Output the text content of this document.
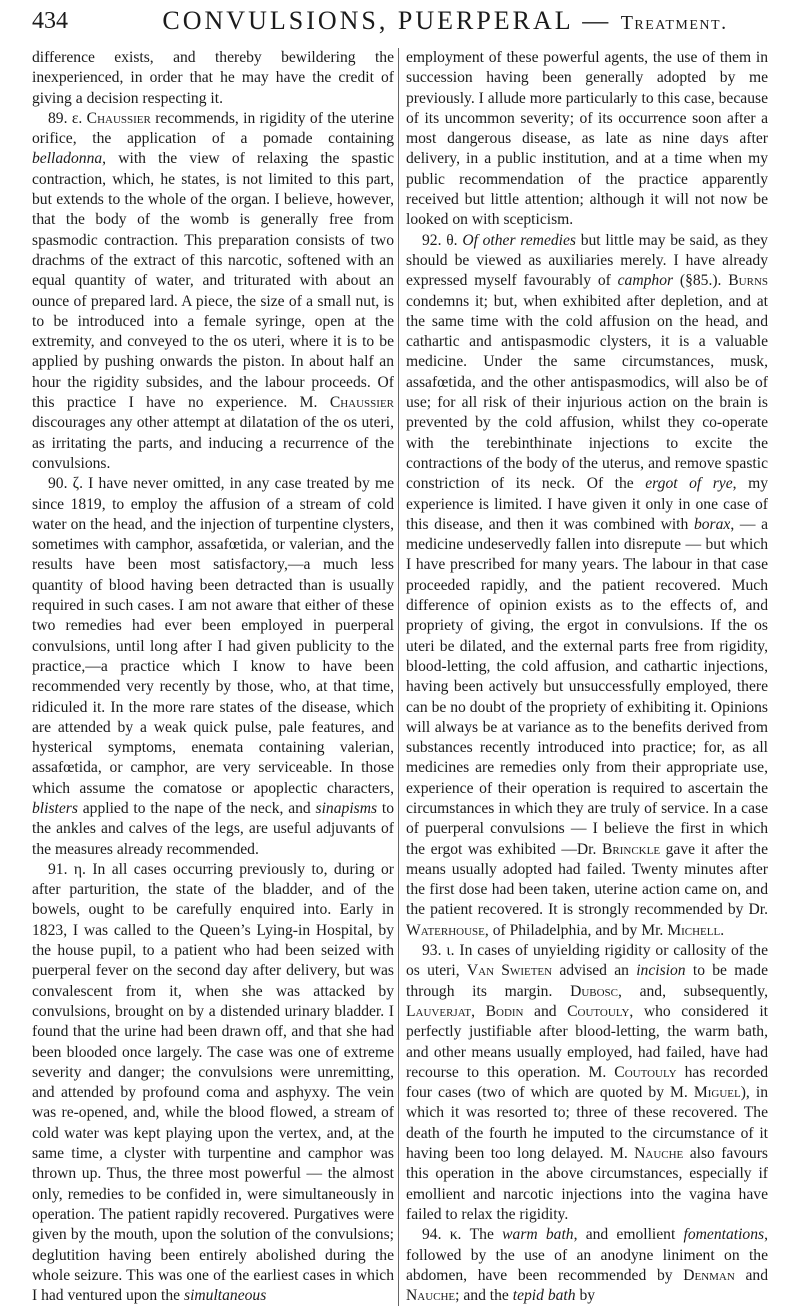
434	CONVULSIONS, PUERPERAL — Treatment.

difference exists, and thereby bewildering the inexperienced, in order that he may have the credit of giving a decision respecting it.

89. ε. Chaussier recommends, in rigidity of the uterine orifice, the application of a pomade containing belladonna, with the view of relaxing the spastic contraction, which, he states, is not limited to this part, but extends to the whole of the organ. I believe, however, that the body of the womb is generally free from spasmodic contraction. This preparation consists of two drachms of the extract of this narcotic, softened with an equal quantity of water, and triturated with about an ounce of prepared lard. A piece, the size of a small nut, is to be introduced into a female syringe, open at the extremity, and conveyed to the os uteri, where it is to be applied by pushing onwards the piston. In about half an hour the rigidity subsides, and the labour proceeds. Of this practice I have no experience. M. Chaussier discourages any other attempt at dilatation of the os uteri, as irritating the parts, and inducing a recurrence of the convulsions.

90. ζ. I have never omitted, in any case treated by me since 1819, to employ the affusion of a stream of cold water on the head, and the injection of turpentine clysters, sometimes with camphor, assafœtida, or valerian, and the results have been most satisfactory,—a much less quantity of blood having been detracted than is usually required in such cases. I am not aware that either of these two remedies had ever been employed in puerperal convulsions, until long after I had given publicity to the practice,—a practice which I know to have been recommended very recently by those, who, at that time, ridiculed it. In the more rare states of the disease, which are attended by a weak quick pulse, pale features, and hysterical symptoms, enemata containing valerian, assafœtida, or camphor, are very serviceable. In those which assume the comatose or apoplectic characters, blisters applied to the nape of the neck, and sinapisms to the ankles and calves of the legs, are useful adjuvants of the measures already recommended.

91. η. In all cases occurring previously to, during or after parturition, the state of the bladder, and of the bowels, ought to be carefully enquired into. Early in 1823, I was called to the Queen’s Lying-in Hospital, by the house pupil, to a patient who had been seized with puerperal fever on the second day after delivery, but was convalescent from it, when she was attacked by convulsions, brought on by a distended urinary bladder. I found that the urine had been drawn off, and that she had been blooded once largely. The case was one of extreme severity and danger; the convulsions were unremitting, and attended by profound coma and asphyxy. The vein was re-opened, and, while the blood flowed, a stream of cold water was kept playing upon the vertex, and, at the same time, a clyster with turpentine and camphor was thrown up. Thus, the three most powerful — the almost only, remedies to be confided in, were simultaneously in operation. The patient rapidly recovered. Purgatives were given by the mouth, upon the solution of the convulsions; deglutition having been entirely abolished during the whole seizure. This was one of the earliest cases in which I had ventured upon the simultaneous

employment of these powerful agents, the use of them in succession having been generally adopted by me previously. I allude more particularly to this case, because of its uncommon severity; of its occurrence soon after a most dangerous disease, as late as nine days after delivery, in a public institution, and at a time when my public recommendation of the practice apparently received but little attention; although it will not now be looked on with scepticism.

92. θ. Of other remedies but little may be said, as they should be viewed as auxiliaries merely. I have already expressed myself favourably of camphor (§85.). Burns condemns it; but, when exhibited after depletion, and at the same time with the cold affusion on the head, and cathartic and antispasmodic clysters, it is a valuable medicine. Under the same circumstances, musk, assafœtida, and the other antispasmodics, will also be of use; for all risk of their injurious action on the brain is prevented by the cold affusion, whilst they co-operate with the terebinthinate injections to excite the contractions of the body of the uterus, and remove spastic constriction of its neck. Of the ergot of rye, my experience is limited. I have given it only in one case of this disease, and then it was combined with borax, — a medicine undeservedly fallen into disrepute — but which I have prescribed for many years. The labour in that case proceeded rapidly, and the patient recovered. Much difference of opinion exists as to the effects of, and propriety of giving, the ergot in convulsions. If the os uteri be dilated, and the external parts free from rigidity, blood-letting, the cold affusion, and cathartic injections, having been actively but unsuccessfully employed, there can be no doubt of the propriety of exhibiting it. Opinions will always be at variance as to the benefits derived from substances recently introduced into practice; for, as all medicines are remedies only from their appropriate use, experience of their operation is required to ascertain the circumstances in which they are truly of service. In a case of puerperal convulsions — I believe the first in which the ergot was exhibited —Dr. Brinckle gave it after the means usually adopted had failed. Twenty minutes after the first dose had been taken, uterine action came on, and the patient recovered. It is strongly recommended by Dr. Waterhouse, of Philadelphia, and by Mr. Michell.

93. ι. In cases of unyielding rigidity or callosity of the os uteri, Van Swieten advised an incision to be made through its margin. Dubosc, and, subsequently, Lauverjat, Bodin and Coutouly, who considered it perfectly justifiable after blood-letting, the warm bath, and other means usually employed, had failed, have had recourse to this operation. M. Coutouly has recorded four cases (two of which are quoted by M. Miguel), in which it was resorted to; three of these recovered. The death of the fourth he imputed to the circumstance of it having been too long delayed. M. Nauche also favours this operation in the above circumstances, especially if emollient and narcotic injections into the vagina have failed to relax the rigidity.

94. κ. The warm bath, and emollient fomentations, followed by the use of an anodyne liniment on the abdomen, have been recommended by Denman and Nauche; and the tepid bath by
